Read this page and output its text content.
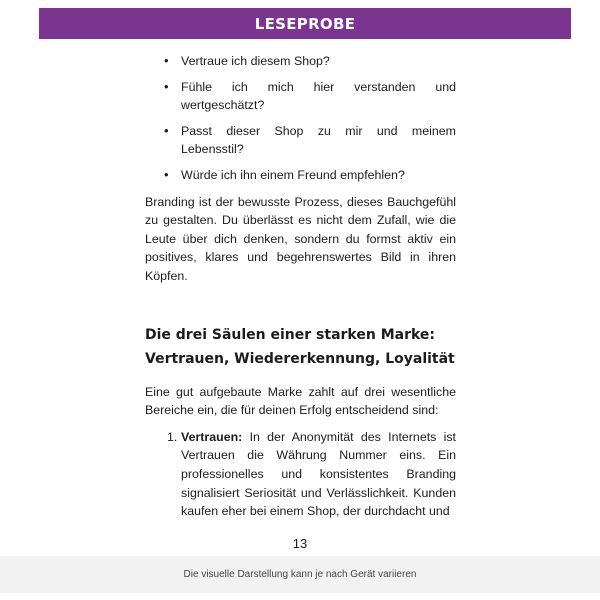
LESEPROBE
• Vertraue ich diesem Shop?
• Fühle ich mich hier verstanden und wertgeschätzt?
• Passt dieser Shop zu mir und meinem Lebensstil?
• Würde ich ihn einem Freund empfehlen?

Branding ist der bewusste Prozess, dieses Bauchgefühl zu gestalten. Du überlässt es nicht dem Zufall, wie die Leute über dich denken, sondern du formst aktiv ein positives, klares und begehrenswertes Bild in ihren Köpfen.

Die drei Säulen einer starken Marke: Vertrauen, Wiedererkennung, Loyalität

Eine gut aufgebaute Marke zahlt auf drei wesentliche Bereiche ein, die für deinen Erfolg entscheidend sind:

1. Vertrauen: In der Anonymität des Internets ist Vertrauen die Währung Nummer eins. Ein professionelles und konsistentes Branding signalisiert Seriosität und Verlässlichkeit. Kunden kaufen eher bei einem Shop, der durchdacht und
13
Die visuelle Darstellung kann je nach Gerät variieren
